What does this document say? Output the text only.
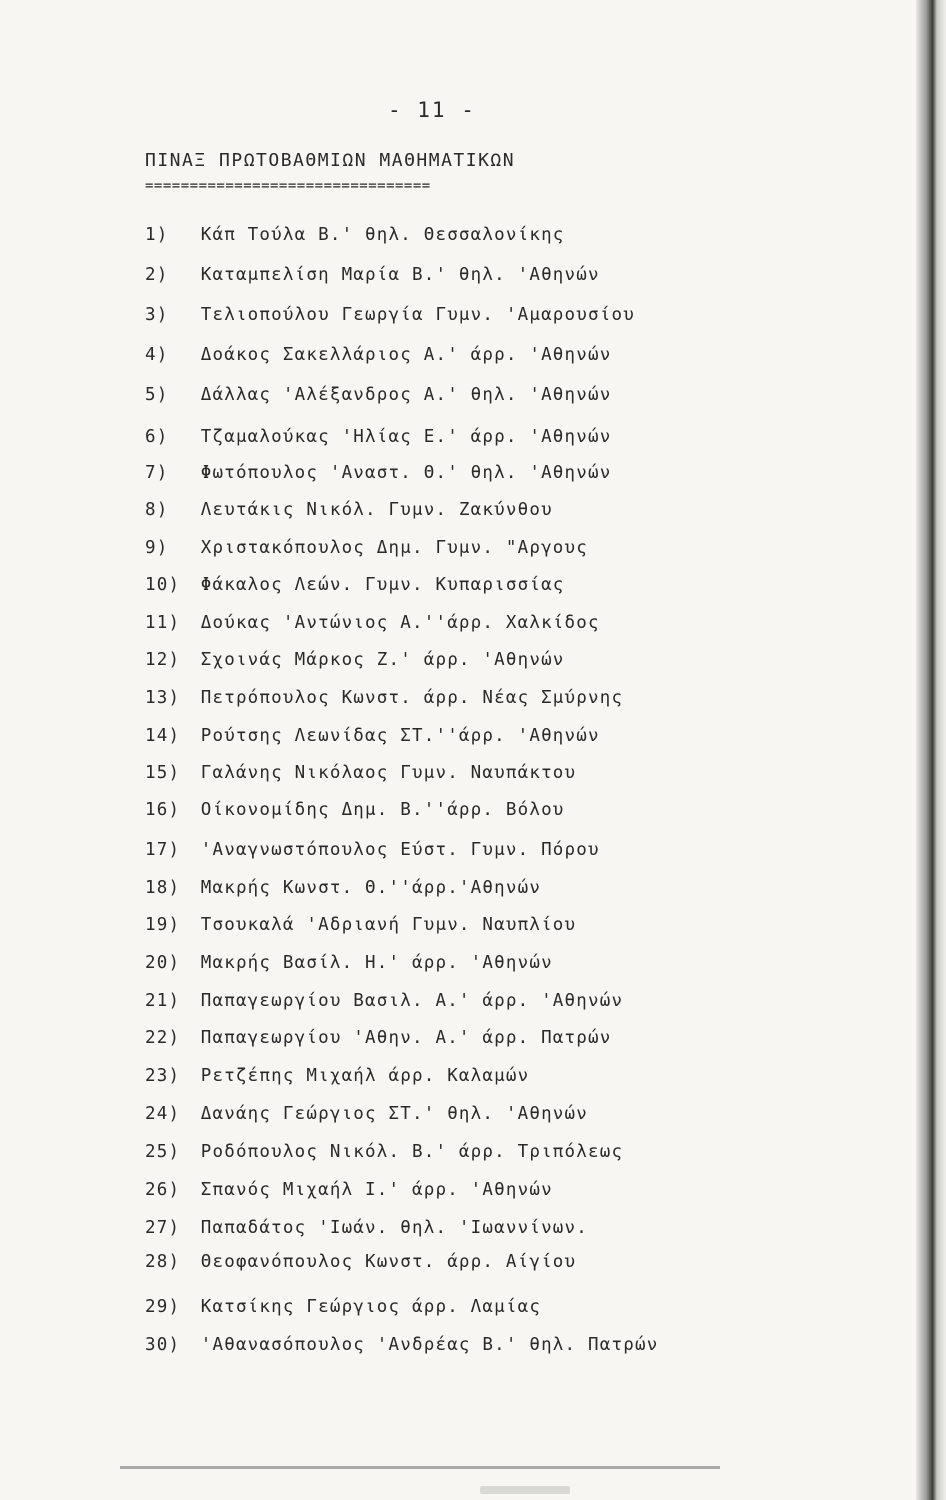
- 11 -
ΠΙΝΑΞ ΠΡΩΤΟΒΑΘΜΙΩΝ ΜΑΘΗΜΑΤΙΚΩΝ
================================
1) Κάπ Τούλα Β.' θηλ. Θεσσαλονίκης
2) Καταμπελίση Μαρία Β.' θηλ. 'Αθηνών
3) Τελιοπούλου Γεωργία Γυμν. 'Αμαρουσίου
4) Δοάκος Σακελλάριος Α.' άρρ. 'Αθηνών
5) Δάλλας 'Αλέξανδρος Α.' θηλ. 'Αθηνών
6) Τζαμαλούκας 'Ηλίας Ε.' άρρ. 'Αθηνών
7) Φωτόπουλος 'Αναστ. Θ.' θηλ. 'Αθηνών
8) Λευτάκις Νικόλ. Γυμν. Ζακύνθου
9) Χριστακόπουλος Δημ. Γυμν. "Αργους
10) Φάκαλος Λεών. Γυμν. Κυπαρισσίας
11) Δούκας 'Αντώνιος Α.''άρρ. Χαλκίδος
12) Σχοινάς Μάρκος Ζ.' άρρ. 'Αθηνών
13) Πετρόπουλος Κωνστ. άρρ. Νέας Σμύρνης
14) Ρούτσης Λεωνίδας ΣΤ.''άρρ. 'Αθηνών
15) Γαλάνης Νικόλαος Γυμν. Ναυπάκτου
16) Οίκονομίδης Δημ. Β.''άρρ. Βόλου
17) 'Αναγνωστόπουλος Εύστ. Γυμν. Πόρου
18) Μακρής Κωνστ. Θ.''άρρ.'Αθηνών
19) Τσουκαλά 'Αδριανή Γυμν. Ναυπλίου
20) Μακρής Βασίλ. Η.' άρρ. 'Αθηνών
21) Παπαγεωργίου Βασιλ. Α.' άρρ. 'Αθηνών
22) Παπαγεωργίου 'Αθην. Α.' άρρ. Πατρών
23) Ρετζέπης Μιχαήλ άρρ. Καλαμών
24) Δανάης Γεώργιος ΣΤ.' θηλ. 'Αθηνών
25) Ροδόπουλος Νικόλ. Β.' άρρ. Τριπόλεως
26) Σπανός Μιχαήλ Ι.' άρρ. 'Αθηνών
27) Παπαδάτος 'Ιωάν. θηλ. 'Ιωαννίνων.
28) Θεοφανόπουλος Κωνστ. άρρ. Αίγίου
29) Κατσίκης Γεώργιος άρρ. Λαμίας
30) 'Αθανασόπουλος 'Ανδρέας Β.' θηλ. Πατρών
